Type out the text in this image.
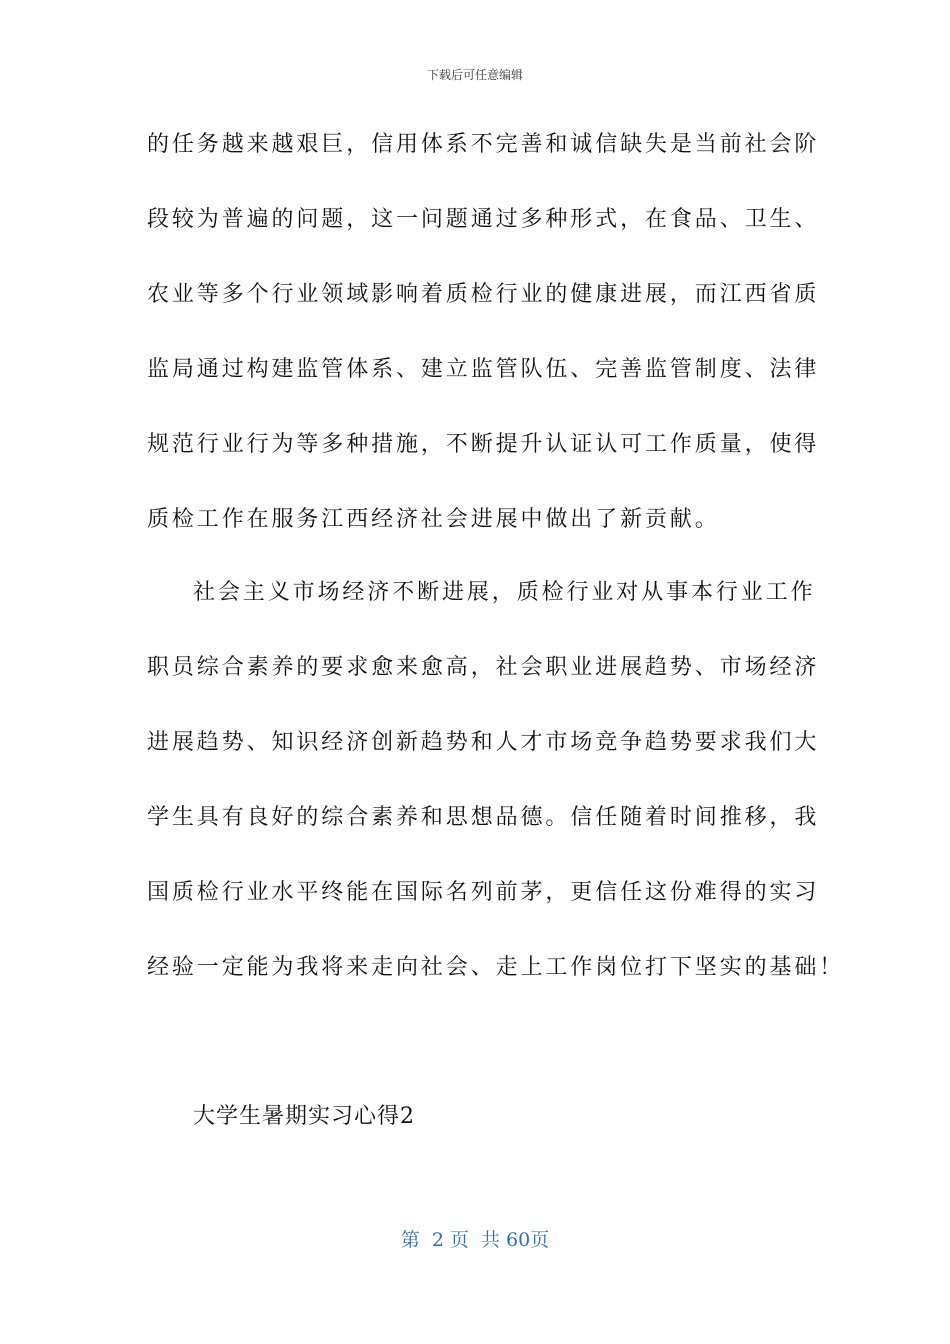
下载后可任意编辑
的任务越来越艰巨，信用体系不完善和诚信缺失是当前社会阶
段较为普遍的问题，这一问题通过多种形式，在食品、卫生、
农业等多个行业领域影响着质检行业的健康进展，而江西省质
监局通过构建监管体系、建立监管队伍、完善监管制度、法律
规范行业行为等多种措施，不断提升认证认可工作质量，使得
质检工作在服务江西经济社会进展中做出了新贡献。
社会主义市场经济不断进展，质检行业对从事本行业工作
职员综合素养的要求愈来愈高，社会职业进展趋势、市场经济
进展趋势、知识经济创新趋势和人才市场竞争趋势要求我们大
学生具有良好的综合素养和思想品德。信任随着时间推移，我
国质检行业水平终能在国际名列前茅，更信任这份难得的实习
经验一定能为我将来走向社会、走上工作岗位打下坚实的基础！
大学生暑期实习心得2
第  2 页  共 60页
